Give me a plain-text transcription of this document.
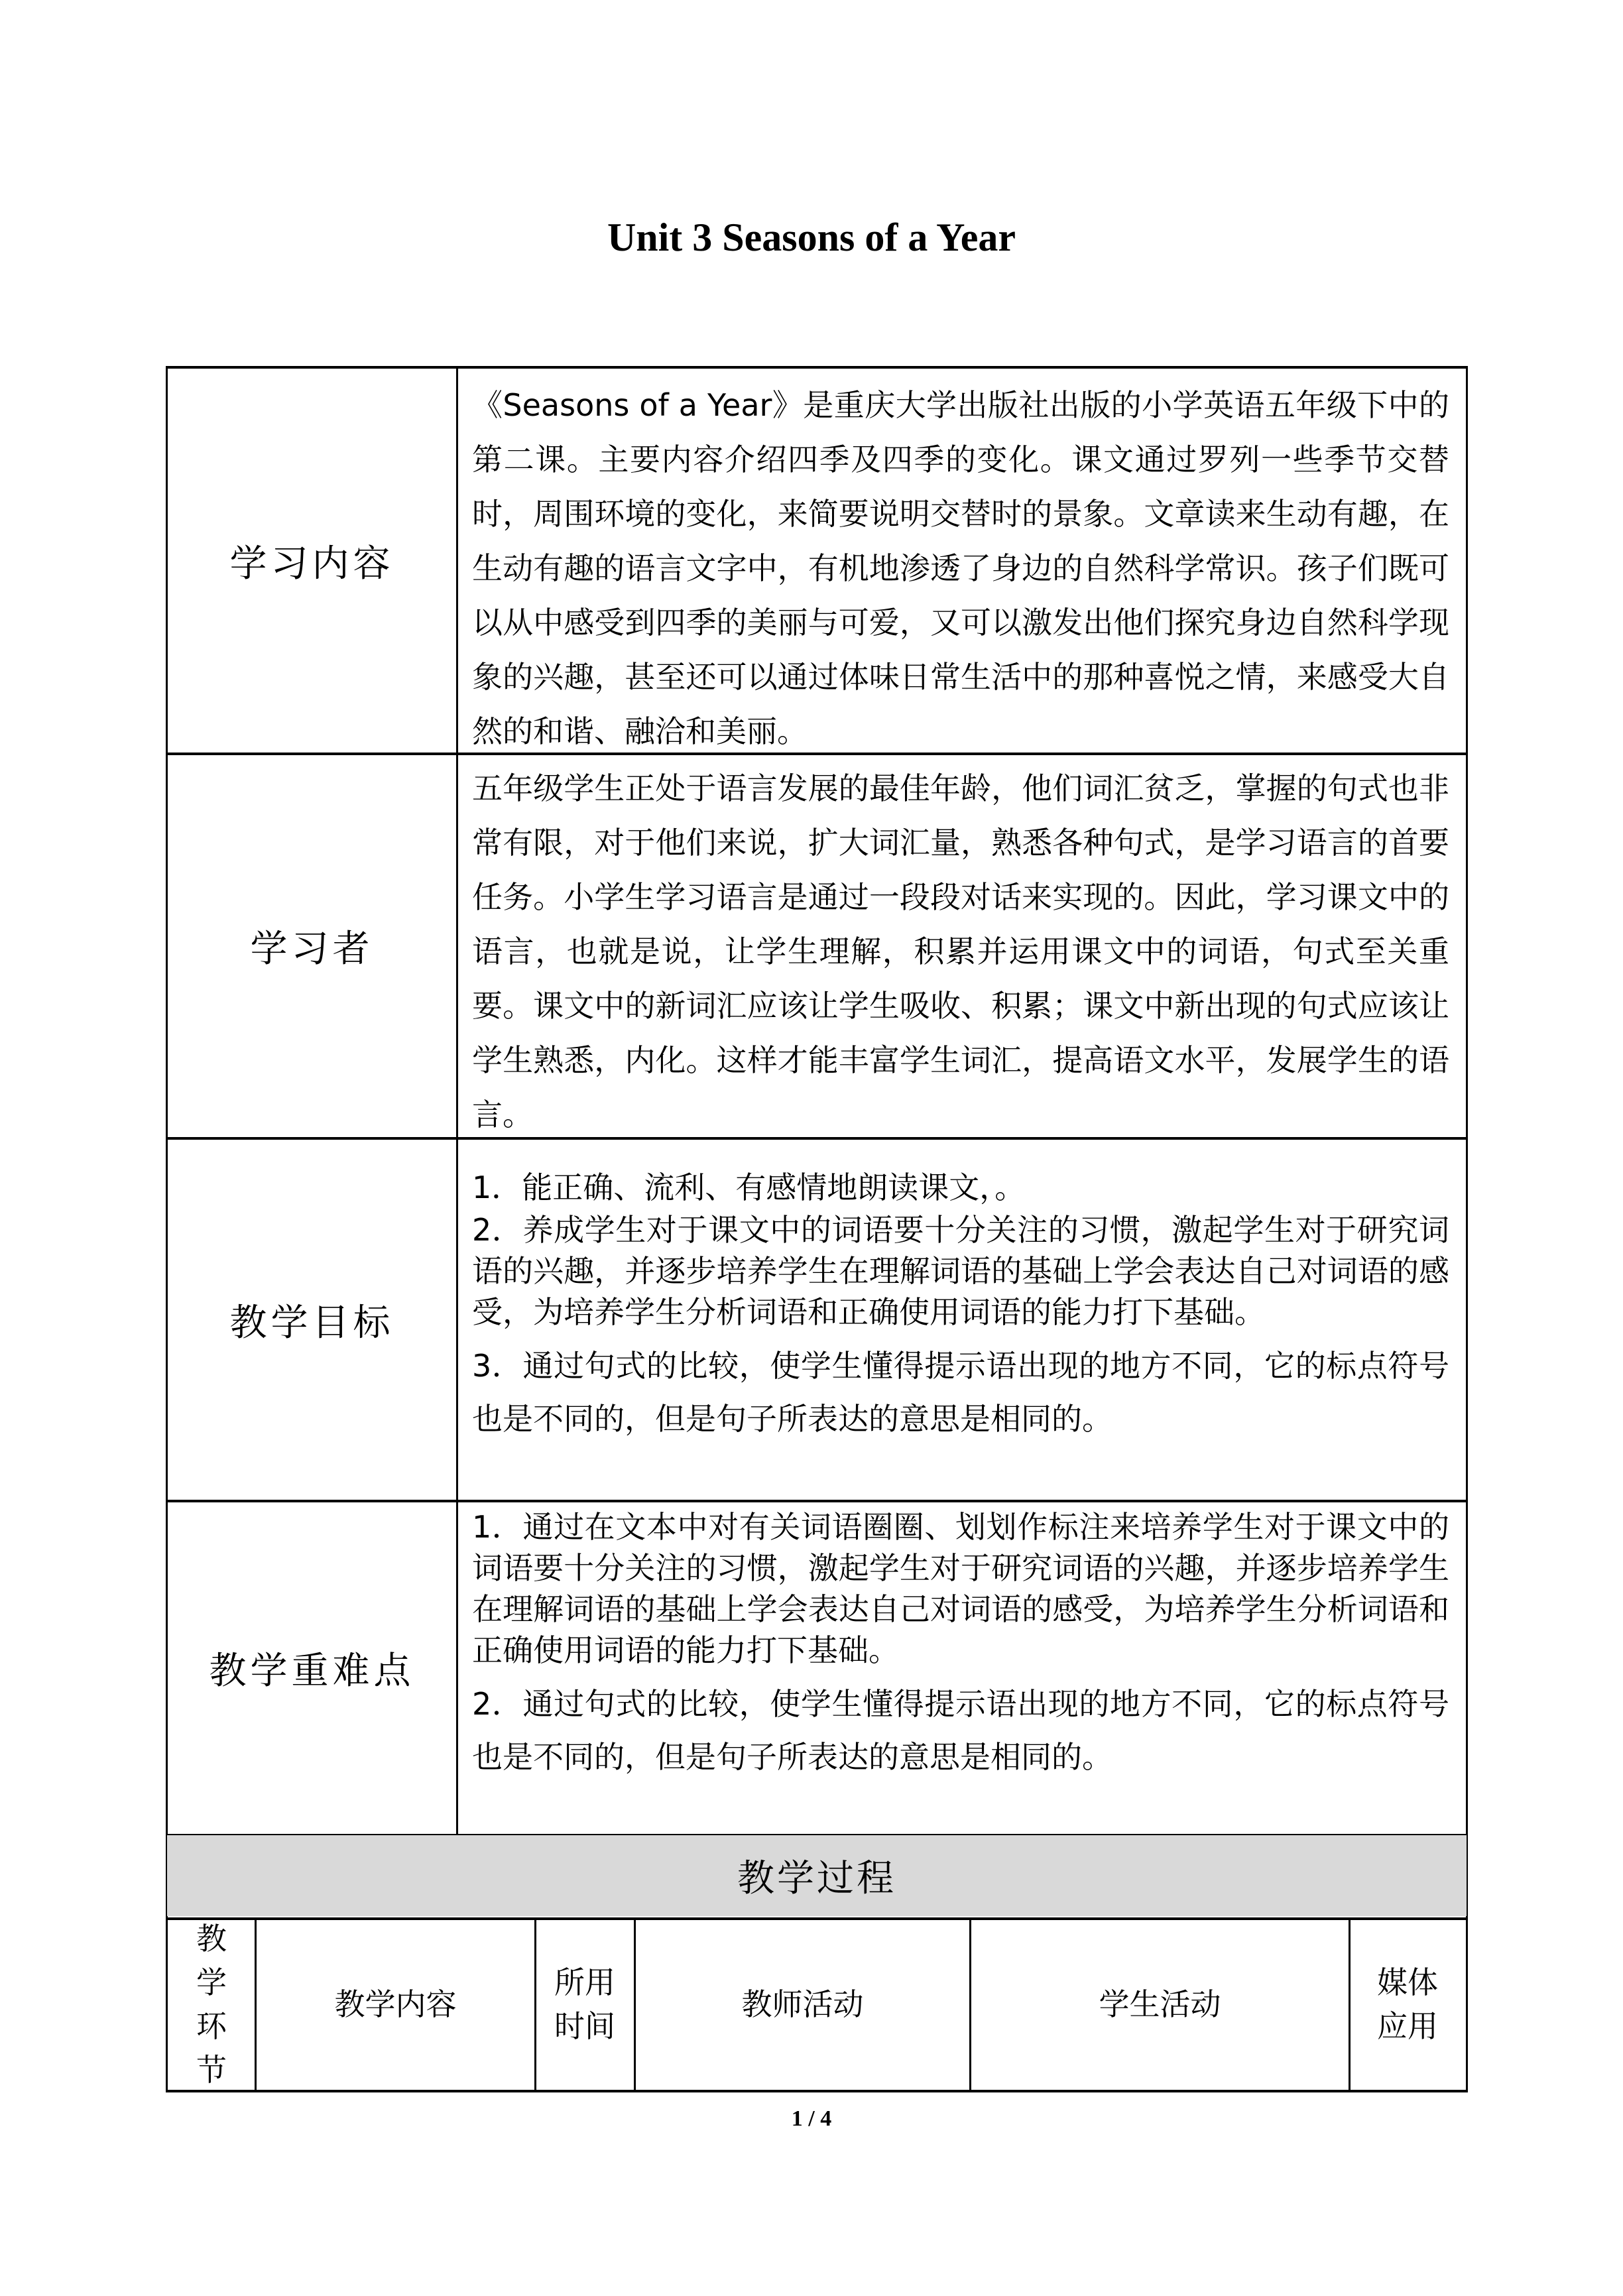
Unit 3 Seasons of a Year
学习内容

《Seasons of a Year》是重庆大学出版社出版的小学英语五年级下中的第二课。主要内容介绍四季及四季的变化。课文通过罗列一些季节交替时，周围环境的变化，来简要说明交替时的景象。文章读来生动有趣，在生动有趣的语言文字中，有机地渗透了身边的自然科学常识。孩子们既可以从中感受到四季的美丽与可爱，又可以激发出他们探究身边自然科学现象的兴趣，甚至还可以通过体味日常生活中的那种喜悦之情，来感受大自然的和谐、融洽和美丽。

学习者

五年级学生正处于语言发展的最佳年龄，他们词汇贫乏，掌握的句式也非常有限，对于他们来说，扩大词汇量，熟悉各种句式，是学习语言的首要任务。小学生学习语言是通过一段段对话来实现的。因此，学习课文中的语言，也就是说，让学生理解，积累并运用课文中的词语，句式至关重要。课文中的新词汇应该让学生吸收、积累；课文中新出现的句式应该让学生熟悉，内化。这样才能丰富学生词汇，提高语文水平，发展学生的语言。

教学目标

1．能正确、流利、有感情地朗读课文，。

2．养成学生对于课文中的词语要十分关注的习惯，激起学生对于研究词语的兴趣，并逐步培养学生在理解词语的基础上学会表达自己对词语的感受，为培养学生分析词语和正确使用词语的能力打下基础。

3．通过句式的比较，使学生懂得提示语出现的地方不同，它的标点符号也是不同的，但是句子所表达的意思是相同的。

教学重难点

1．通过在文本中对有关词语圈圈、划划作标注来培养学生对于课文中的词语要十分关注的习惯，激起学生对于研究词语的兴趣，并逐步培养学生在理解词语的基础上学会表达自己对词语的感受，为培养学生分析词语和正确使用词语的能力打下基础。

2．通过句式的比较，使学生懂得提示语出现的地方不同，它的标点符号也是不同的，但是句子所表达的意思是相同的。

教学过程
教学环节
教学内容
所用时间
教师活动	学生活动
媒体应用
1 / 4
